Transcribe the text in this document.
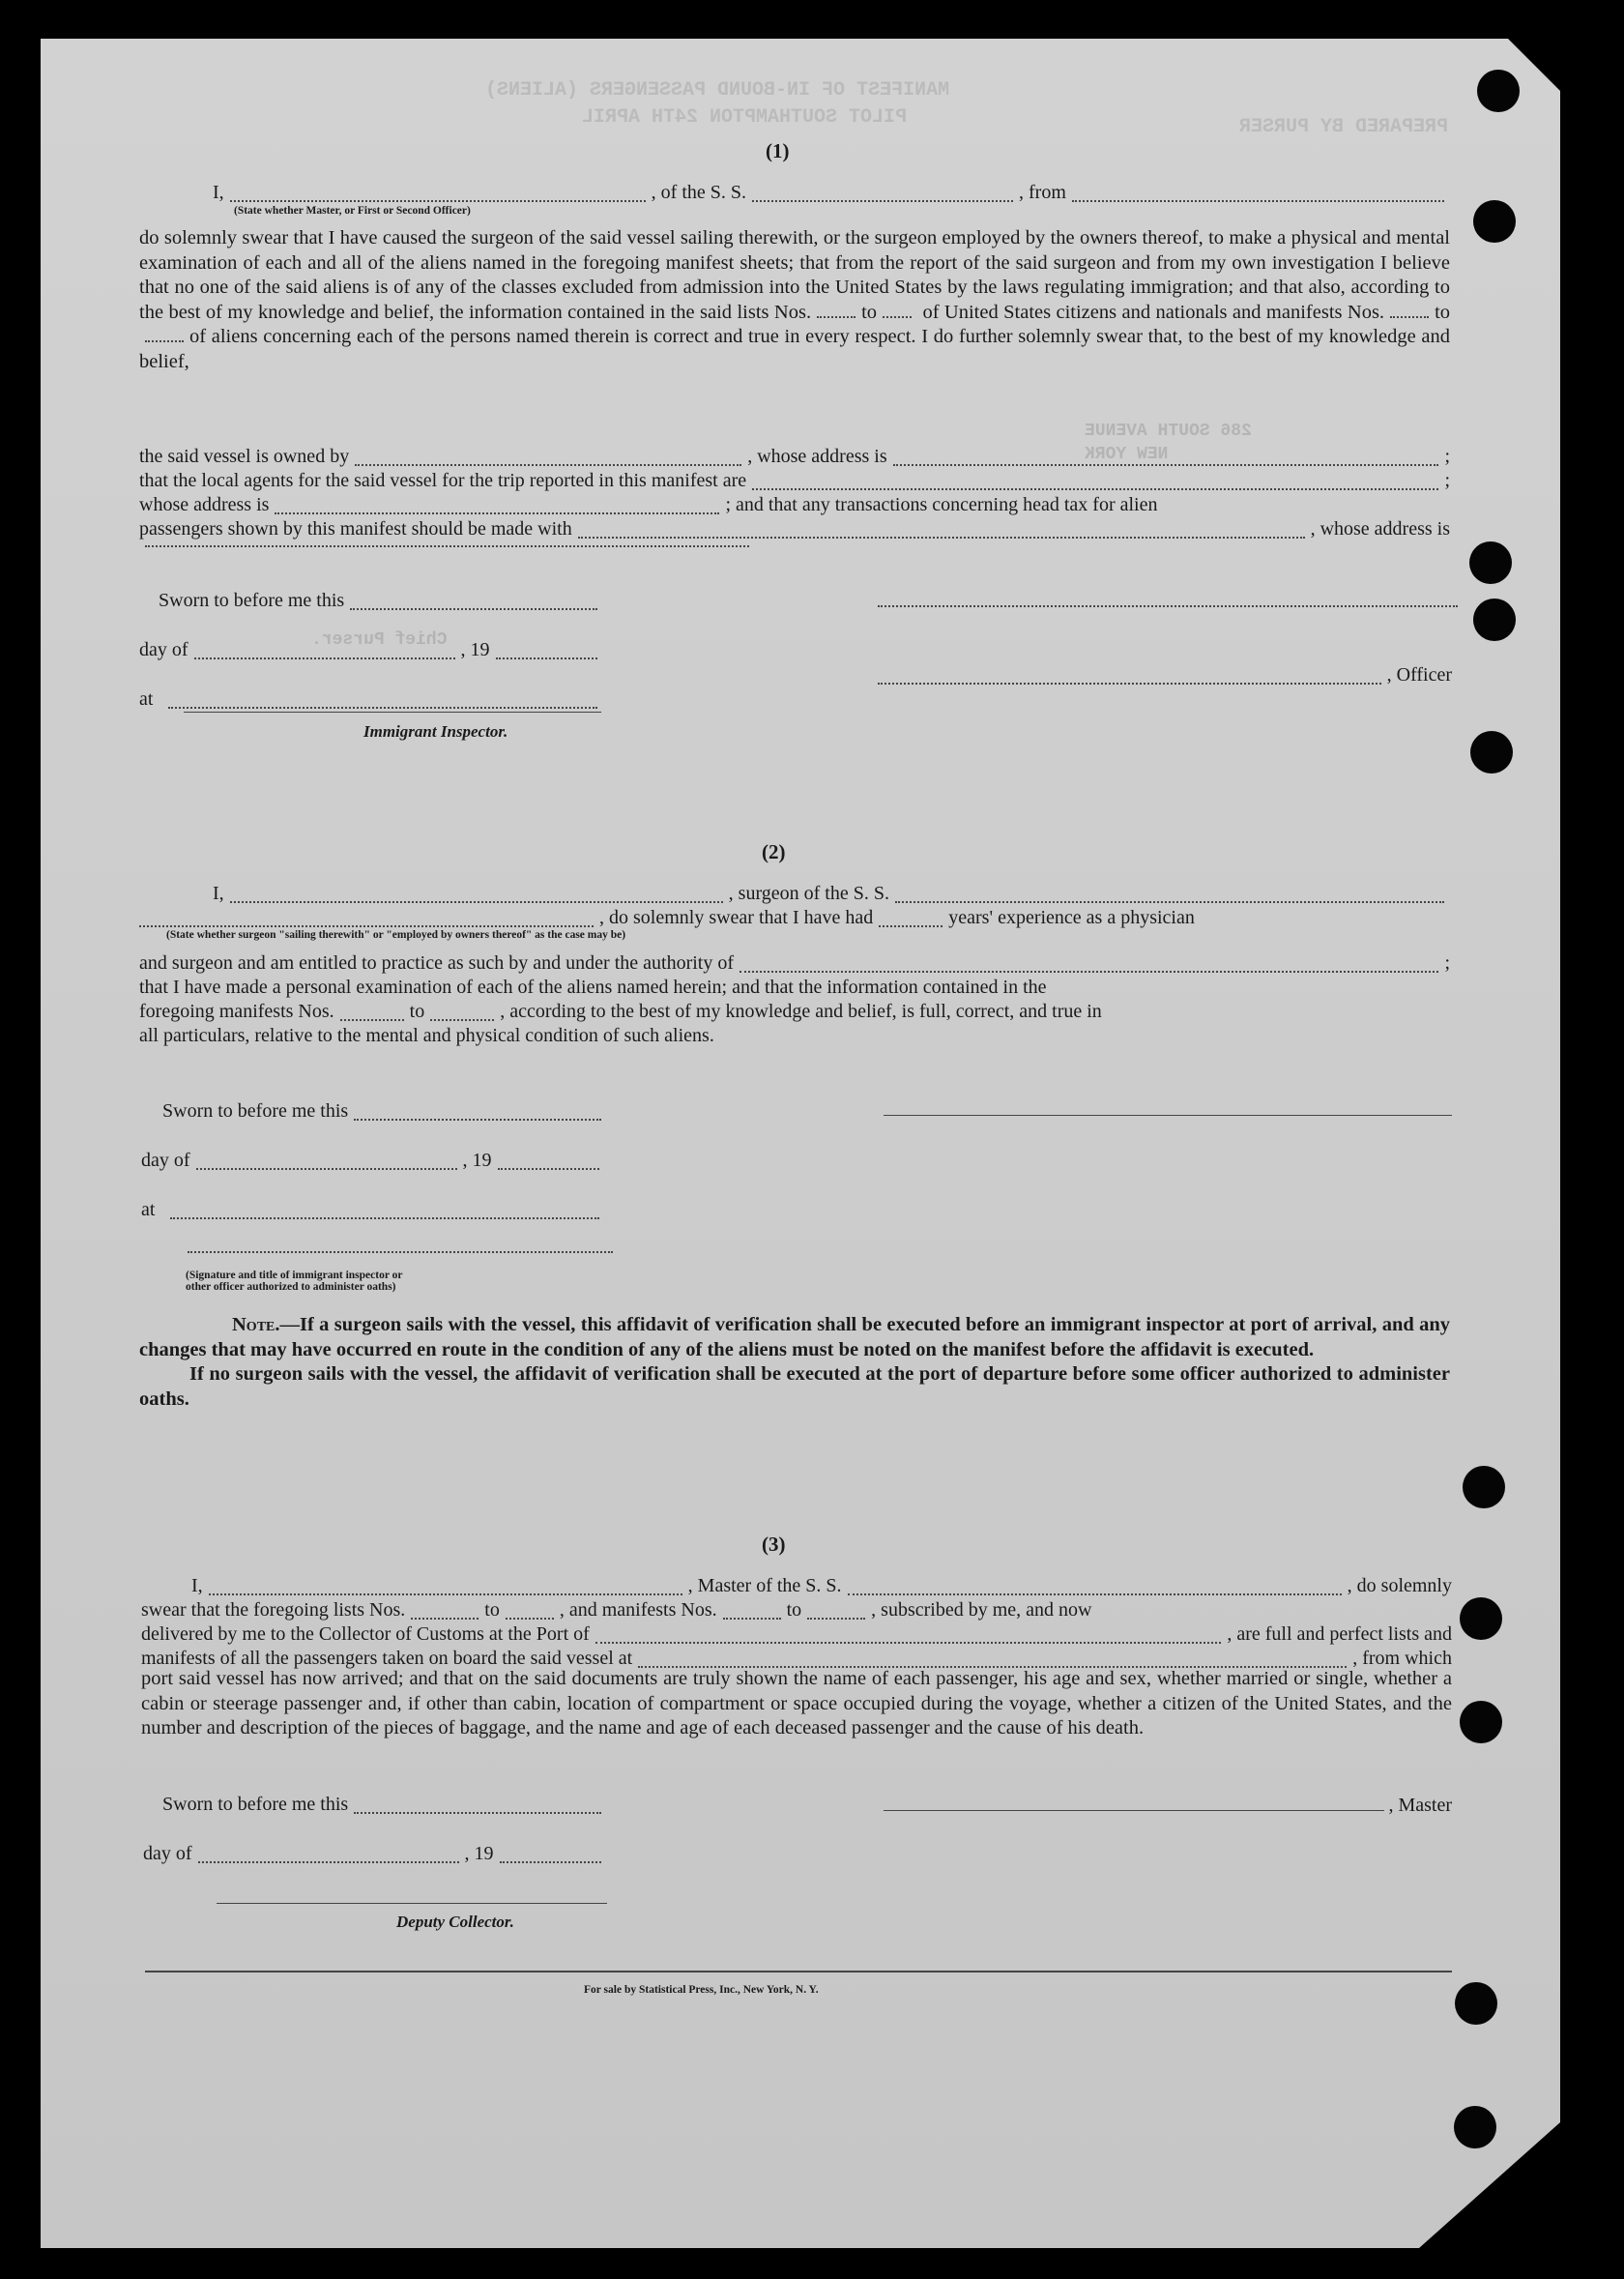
MANIFEST OF IN-BOUND PASSENGERS (ALIENS)
PILOT SOUTHAMPTON 24TH APRIL	PREPARED BY PURSER
286 SOUTH AVENUE
NEW YORK
Chief Purser.
(1)
I,	, of the S. S.	, from
(State whether Master, or First or Second Officer)

do solemnly swear that I have caused the surgeon of the said vessel sailing therewith, or the surgeon employed by the owners thereof, to make a physical and mental examination of each and all of the aliens named in the foregoing manifest sheets; that from the report of the said surgeon and from my own investigation I believe that no one of the said aliens is of any of the classes excluded from admission into the United States by the laws regulating immigration; and that also, according to the best of my knowledge and belief, the information contained in the said lists Nos.	to of United States citizens and nationals and manifests Nos.	toof aliens concerning each of the persons named therein is correct and true in every respect. I do further solemnly swear that, to the best of my knowledge and belief,

the said vessel is owned by	, whose address is	;
that the local agents for the said vessel for the trip reported in this manifest are	;
whose address is	; and that any transactions concerning head tax for alien
passengers shown by this manifest should be made with	, whose address is
Sworn to before me this
day of	, 19
, Officer
at
Immigrant Inspector.
(2)
I,	, surgeon of the S. S.
, do solemnly swear that I have had	years' experience as a physician
(State whether surgeon "sailing therewith" or "employed by owners thereof" as the case may be)
and surgeon and am entitled to practice as such by and under the authority of	;
that I have made a personal examination of each of the aliens named herein; and that the information contained in the
foregoing manifests Nos.	to	, according to the best of my knowledge and belief, is full, correct, and true in
all particulars, relative to the mental and physical condition of such aliens.
Sworn to before me this
day of	, 19
at
(Signature and title of immigrant inspector or
other officer authorized to administer oaths)

Note.—If a surgeon sails with the vessel, this affidavit of verification shall be executed before an immigrant inspector at port of arrival, and any changes that may have occurred en route in the condition of any of the aliens must be noted on the manifest before the affidavit is executed.

If no surgeon sails with the vessel, the affidavit of verification shall be executed at the port of departure before some officer authorized to administer oaths.

(3)
I,	, Master of the S. S.	, do solemnly
swear that the foregoing lists Nos.	to	, and manifests Nos.	to	, subscribed by me, and now
delivered by me to the Collector of Customs at the Port of	, are full and perfect lists and
manifests of all the passengers taken on board the said vessel at	, from which

port said vessel has now arrived; and that on the said documents are truly shown the name of each passenger, his age and sex, whether married or single, whether a cabin or steerage passenger and, if other than cabin, location of compartment or space occupied during the voyage, whether a citizen of the United States, and the number and description of the pieces of baggage, and the name and age of each deceased passenger and the cause of his death.

Sworn to before me this	, Master
day of	, 19
Deputy Collector.
For sale by Statistical Press, Inc., New York, N. Y.
